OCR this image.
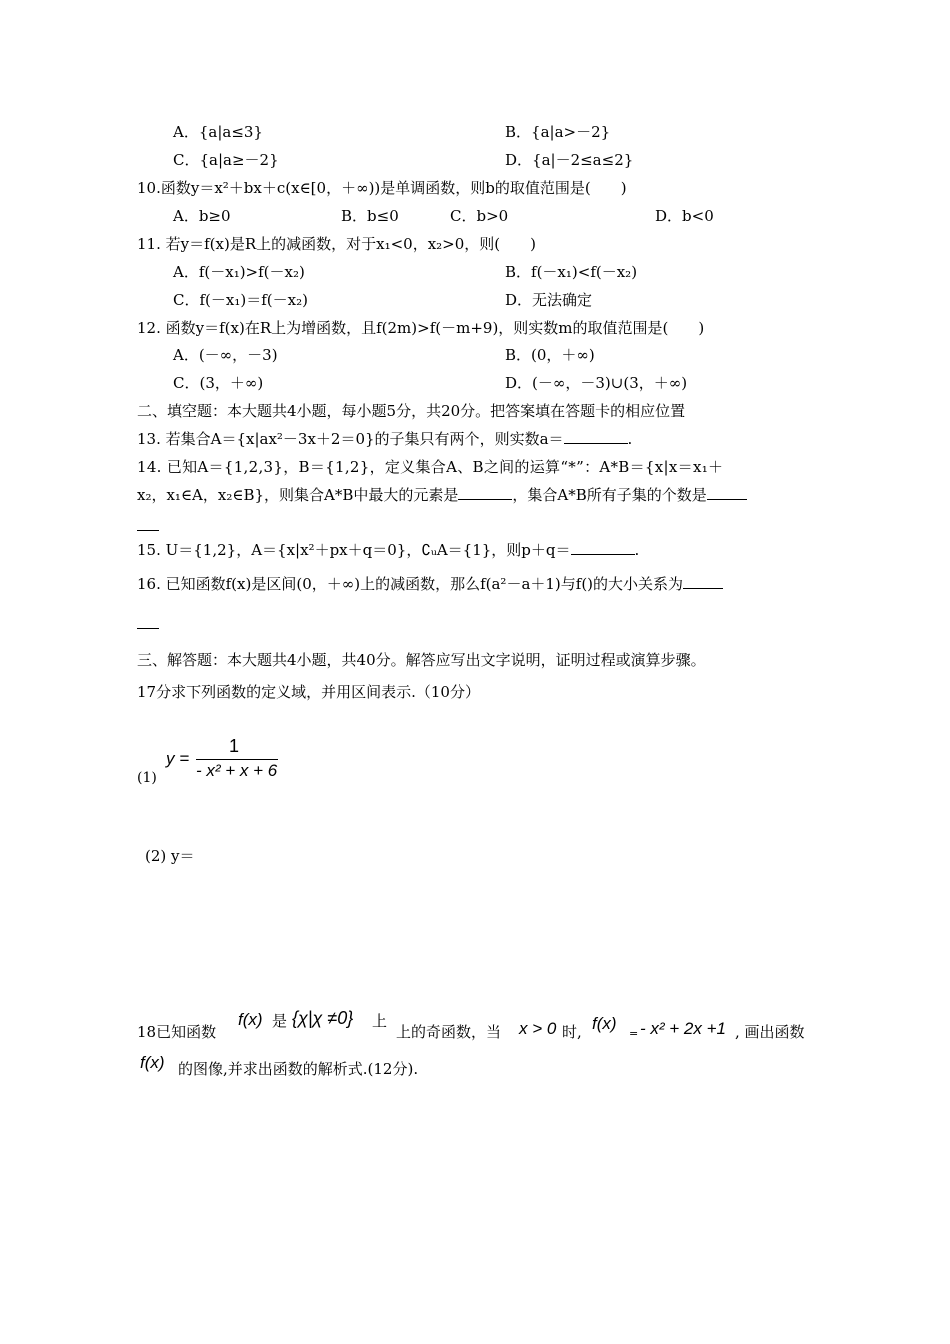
A．{a|a≤3}	B．{a|a>－2}
C．{a|a≥－2}	D．{a|－2≤a≤2}
10.函数y＝x²＋bx＋c(x∈[0，＋∞))是单调函数，则b的取值范围是(　　)
A．b≥0	B．b≤0	C．b>0	D．b<0
11. 若y＝f(x)是R上的减函数，对于x₁<0，x₂>0，则(　　)
A．f(－x₁)>f(－x₂)	B．f(－x₁)<f(－x₂)
C．f(－x₁)＝f(－x₂)	D．无法确定
12. 函数y＝f(x)在R上为增函数，且f(2m)>f(－m+9)，则实数m的取值范围是(　　)
A．(－∞，－3)	B．(0，＋∞)
C．(3，＋∞)	D．(－∞，－3)∪(3，＋∞)
二、填空题：本大题共4小题，每小题5分，共20分。把答案填在答题卡的相应位置
13. 若集合A＝{x|ax²－3x＋2＝0}的子集只有两个，则实数a＝	.
14. 已知A＝{1,2,3}，B＝{1,2}，定义集合A、B之间的运算“*”：A*B＝{x|x＝x₁＋
x₂，x₁∈A，x₂∈B}，则集合A*B中最大的元素是	，集合A*B所有子集的个数是
15. U＝{1,2}，A＝{x|x²＋px＋q＝0}，∁ᵤA＝{1}，则p＋q＝	.
16. 已知函数f(x)是区间(0，＋∞)上的减函数，那么f(a²－a＋1)与f()的大小关系为
三、解答题：本大题共4小题，共40分。解答应写出文字说明，证明过程或演算步骤。
17分求下列函数的定义域，并用区间表示.（10分）
(1)
y =
1
- x² + x + 6
(2) y＝
18已知函数
f(x) 是 {χ|χ ≠0} 上
上的奇函数，当 x > 0 时, f(x)
= - x² + 2x +1 , 画出函数
f(x) 的图像,并求出函数的解析式.(12分).
